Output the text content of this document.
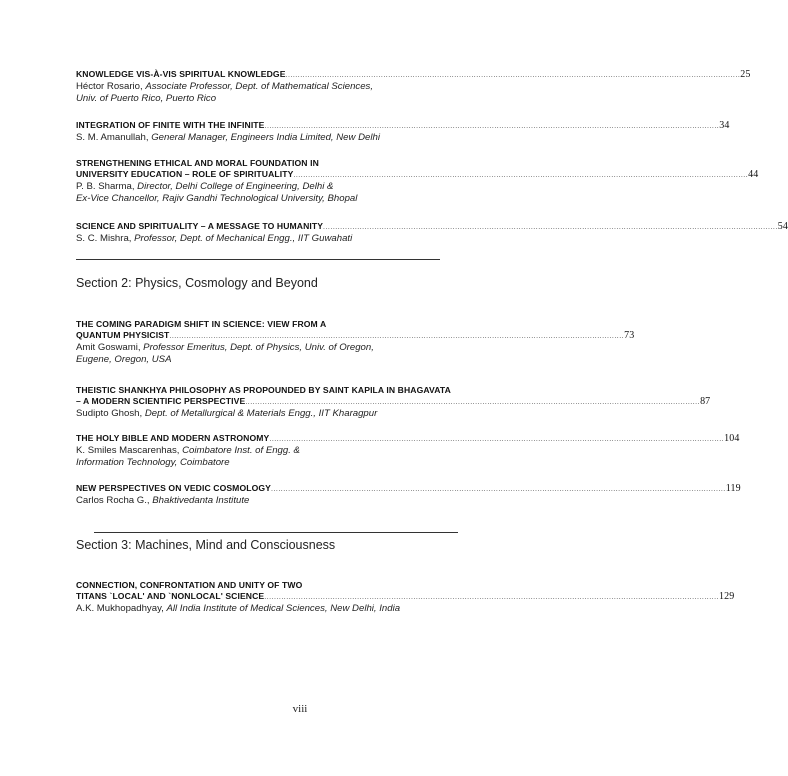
KNOWLEDGE VIS-À-VIS SPIRITUAL KNOWLEDGE .......................................................................................................................................................................................... 25
Héctor Rosario, Associate Professor, Dept. of Mathematical Sciences,
Univ. of Puerto Rico, Puerto Rico
INTEGRATION OF FINITE WITH THE INFINITE .......................................................................................................................................................................................... 34
S. M. Amanullah, General Manager, Engineers India Limited, New Delhi
STRENGTHENING ETHICAL AND MORAL FOUNDATION IN
UNIVERSITY EDUCATION – ROLE OF SPIRITUALITY .......................................................................................................................................................................................... 44
P. B. Sharma, Director, Delhi College of Engineering, Delhi &
Ex-Vice Chancellor, Rajiv Gandhi Technological University, Bhopal
SCIENCE AND SPIRITUALITY – A MESSAGE TO HUMANITY .......................................................................................................................................................................................... 54
S. C. Mishra, Professor, Dept. of Mechanical Engg., IIT Guwahati
Section 2: Physics, Cosmology and Beyond
THE COMING PARADIGM SHIFT IN SCIENCE: VIEW FROM A
QUANTUM PHYSICIST .......................................................................................................................................................................................... 73
Amit Goswami, Professor Emeritus, Dept. of Physics, Univ. of Oregon,
Eugene, Oregon, USA
THEISTIC SHANKHYA PHILOSOPHY AS PROPOUNDED BY SAINT KAPILA IN BHAGAVATA
– A MODERN SCIENTIFIC PERSPECTIVE .......................................................................................................................................................................................... 87
Sudipto Ghosh, Dept. of Metallurgical & Materials Engg., IIT Kharagpur
THE HOLY BIBLE AND MODERN ASTRONOMY .......................................................................................................................................................................................... 104
K. Smiles Mascarenhas, Coimbatore Inst. of Engg. &
Information Technology, Coimbatore
NEW PERSPECTIVES ON VEDIC COSMOLOGY .......................................................................................................................................................................................... 119
Carlos Rocha G., Bhaktivedanta Institute
Section 3: Machines, Mind and Consciousness
CONNECTION, CONFRONTATION AND UNITY OF TWO
TITANS `LOCAL' AND `NONLOCAL' SCIENCE .......................................................................................................................................................................................... 129
A.K. Mukhopadhyay, All India Institute of Medical Sciences, New Delhi, India
viii
